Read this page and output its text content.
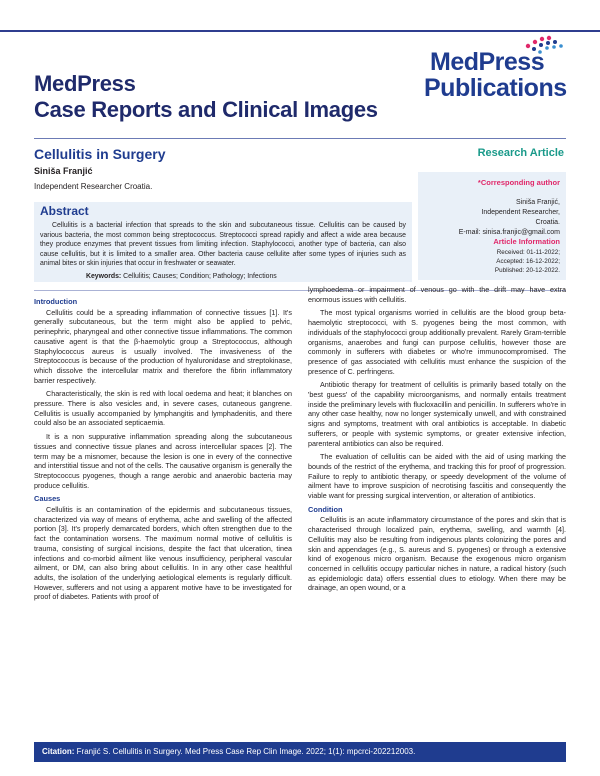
MedPress
Case Reports and Clinical Images
MedPress
Publications
Cellulitis in Surgery	Research Article
Siniša Franjić
Independent Researcher Croatia.	*Corresponding author
Siniša Franjić,
Independent Researcher,
Croatia.
E-mail: sinisa.franjic@gmail.com
Article Information
Received: 01-11-2022;
Accepted: 16-12-2022;
Published: 20-12-2022.
Abstract
Cellulitis is a bacterial infection that spreads to the skin and subcutaneous tissue. Cellulitis can be caused by various bacteria, the most common being streptococcus. Streptococci spread rapidly and affect a wide area because they produce enzymes that prevent tissues from limiting infection. Staphylococci, another type of bacteria, can also cause cellulitis, but it is limited to a smaller area. Other bacteria cause cellulite after some types of injuries such as animal bites or skin injuries that occur in freshwater or seawater.
Keywords: Cellulitis; Causes; Condition; Pathology; Infections
Introduction

Cellulitis could be a spreading inflammation of connective tissues [1]. It's generally subcutaneous, but the term might also be applied to pelvic, perinephric, pharyngeal and other connective tissue inflammations. The common causative agent is that the β-haemolytic group a Streptococcus, although Staphylococcus aureus is usually involved. The invasiveness of the Streptococcus is because of the production of hyaluronidase and streptokinase, which dissolve the intercellular matrix and therefore the fibrin inflammatory barrier respectively.

Characteristically, the skin is red with local oedema and heat; it blanches on pressure. There is also vesicles and, in severe cases, cutaneous gangrene. Cellulitis is usually accompanied by lymphangitis and lymphadenitis, and there could also be an associated septicaemia.

It is a non suppurative inflammation spreading along the subcutaneous tissues and connective tissue planes and across intercellular spaces [2]. The term may be a misnomer, because the lesion is one in every of the connective and interstitial tissue and not of the cells. The causative organism is generally the Streptococcus pyogenes, though a range aerobic and anaerobic bacteria may produce cellulitis.

Causes

Cellulitis is an contamination of the epidermis and subcutaneous tissues, characterized via way of means of erythema, ache and swelling of the affected portion [3]. It's properly demarcated borders, which often strengthen due to the fact the contamination worsens. The maximum normal motive of cellulitis is trauma, consisting of surgical incisions, despite the fact that ulceration, tinea infections and co-morbid ailment like venous insufficiency, peripheral vascular ailment, or DM, can also bring about cellulitis. In in any other case healthful adults, the isolation of the underlying aetiological elements is regularly difficult. However, sufferers and not using a apparent motive have to be investigated for proof of diabetes. Patients with proof of

lymphoedema or impairment of venous go with the drift may have extra enormous issues with cellulitis.

The most typical organisms worried in cellulitis are the blood group beta-haemolytic streptococci, with S. pyogenes being the most common, with individuals of the staphylococci group additionally prevalent. Rarely Gram-terrible organisms, anaerobes and fungi can purpose cellulitis, however those are commonly in sufferers with diabetes or who're immunocompromised. The presence of gas associated with cellulitis must enhance the suspicion of the presence of C. perfringens.

Antibiotic therapy for treatment of cellulitis is primarily based totally on the 'best guess' of the capability microorganisms, and normally entails treatment inside the preliminary levels with flucloxacillin and penicillin. In sufferers who're in any other case healthy, now no longer systemically unwell, and with constrained signs and symptoms, treatment with oral antibiotics is acceptable. In diabetic sufferers, or people with systemic symptoms, or greater extensive infection, parenteral antibiotics can also be required.

The evaluation of cellulitis can be aided with the aid of using marking the bounds of the restrict of the erythema, and tracking this for proof of progression. Failure to reply to antibiotic therapy, or speedy development of the volume of ailment have to improve suspicion of necrotising fasciitis and consequently the viable want for pressing surgical intervention, or alteration of antibiotics.

Condition

Cellulitis is an acute inflammatory circumstance of the pores and skin that is characterised through localized pain, erythema, swelling, and warmth [4]. Cellulitis may also be resulting from indigenous plants colonizing the pores and skin and appendages (e.g., S. aureus and S. pyogenes) or through a extensive kind of exogenous micro organism. Because the exogenous micro organism concerned in cellulitis occupy particular niches in nature, a radical history (such as epidemiologic data) offers essential clues to etiology. When there may be drainage, an open wound, or a

Citation: Franjić S. Cellulitis in Surgery. Med Press Case Rep Clin Image. 2022; 1(1): mpcrci-202212003.
